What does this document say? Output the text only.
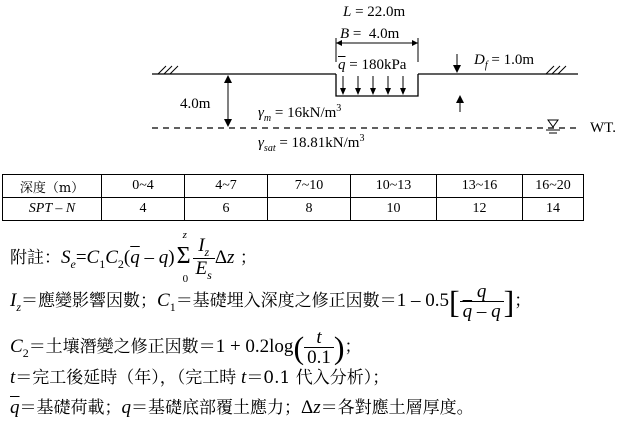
L = 22.0m
B =  4.0m
$\overline{q} = 180kPa$	$D_f = 1.0m$
4.0m
$\gamma_m = 16kN/m^3$
$\gamma_{sat} = 18.81kN/m^3$
WT.
深度（m）	0~4	4~7	7~10	10~13	13~16	16~20
SPT – N	4	6	8	10	12	14
附註：$S_e=C_1C_2(\overline{q} - q)\Sigma$
z
$0 \frac{I_z}{E_s}$ Δz ；
$I_z=$應變影響因數；$C_1=$基礎埋入深度之修正因數$=1 - 0.5[ \frac{q}{\overline{q} - q}$ ]；
$C_2=$土壤潛變之修正因數$=1 + 0.2\log( \frac{t}{0.1}$ )；
t＝完工後延時（年），（完工時 t＝0.1 代入分析）；
$\overline{q}=$基礎荷載；q＝基礎底部覆土應力；Δz＝各對應土層厚度。
